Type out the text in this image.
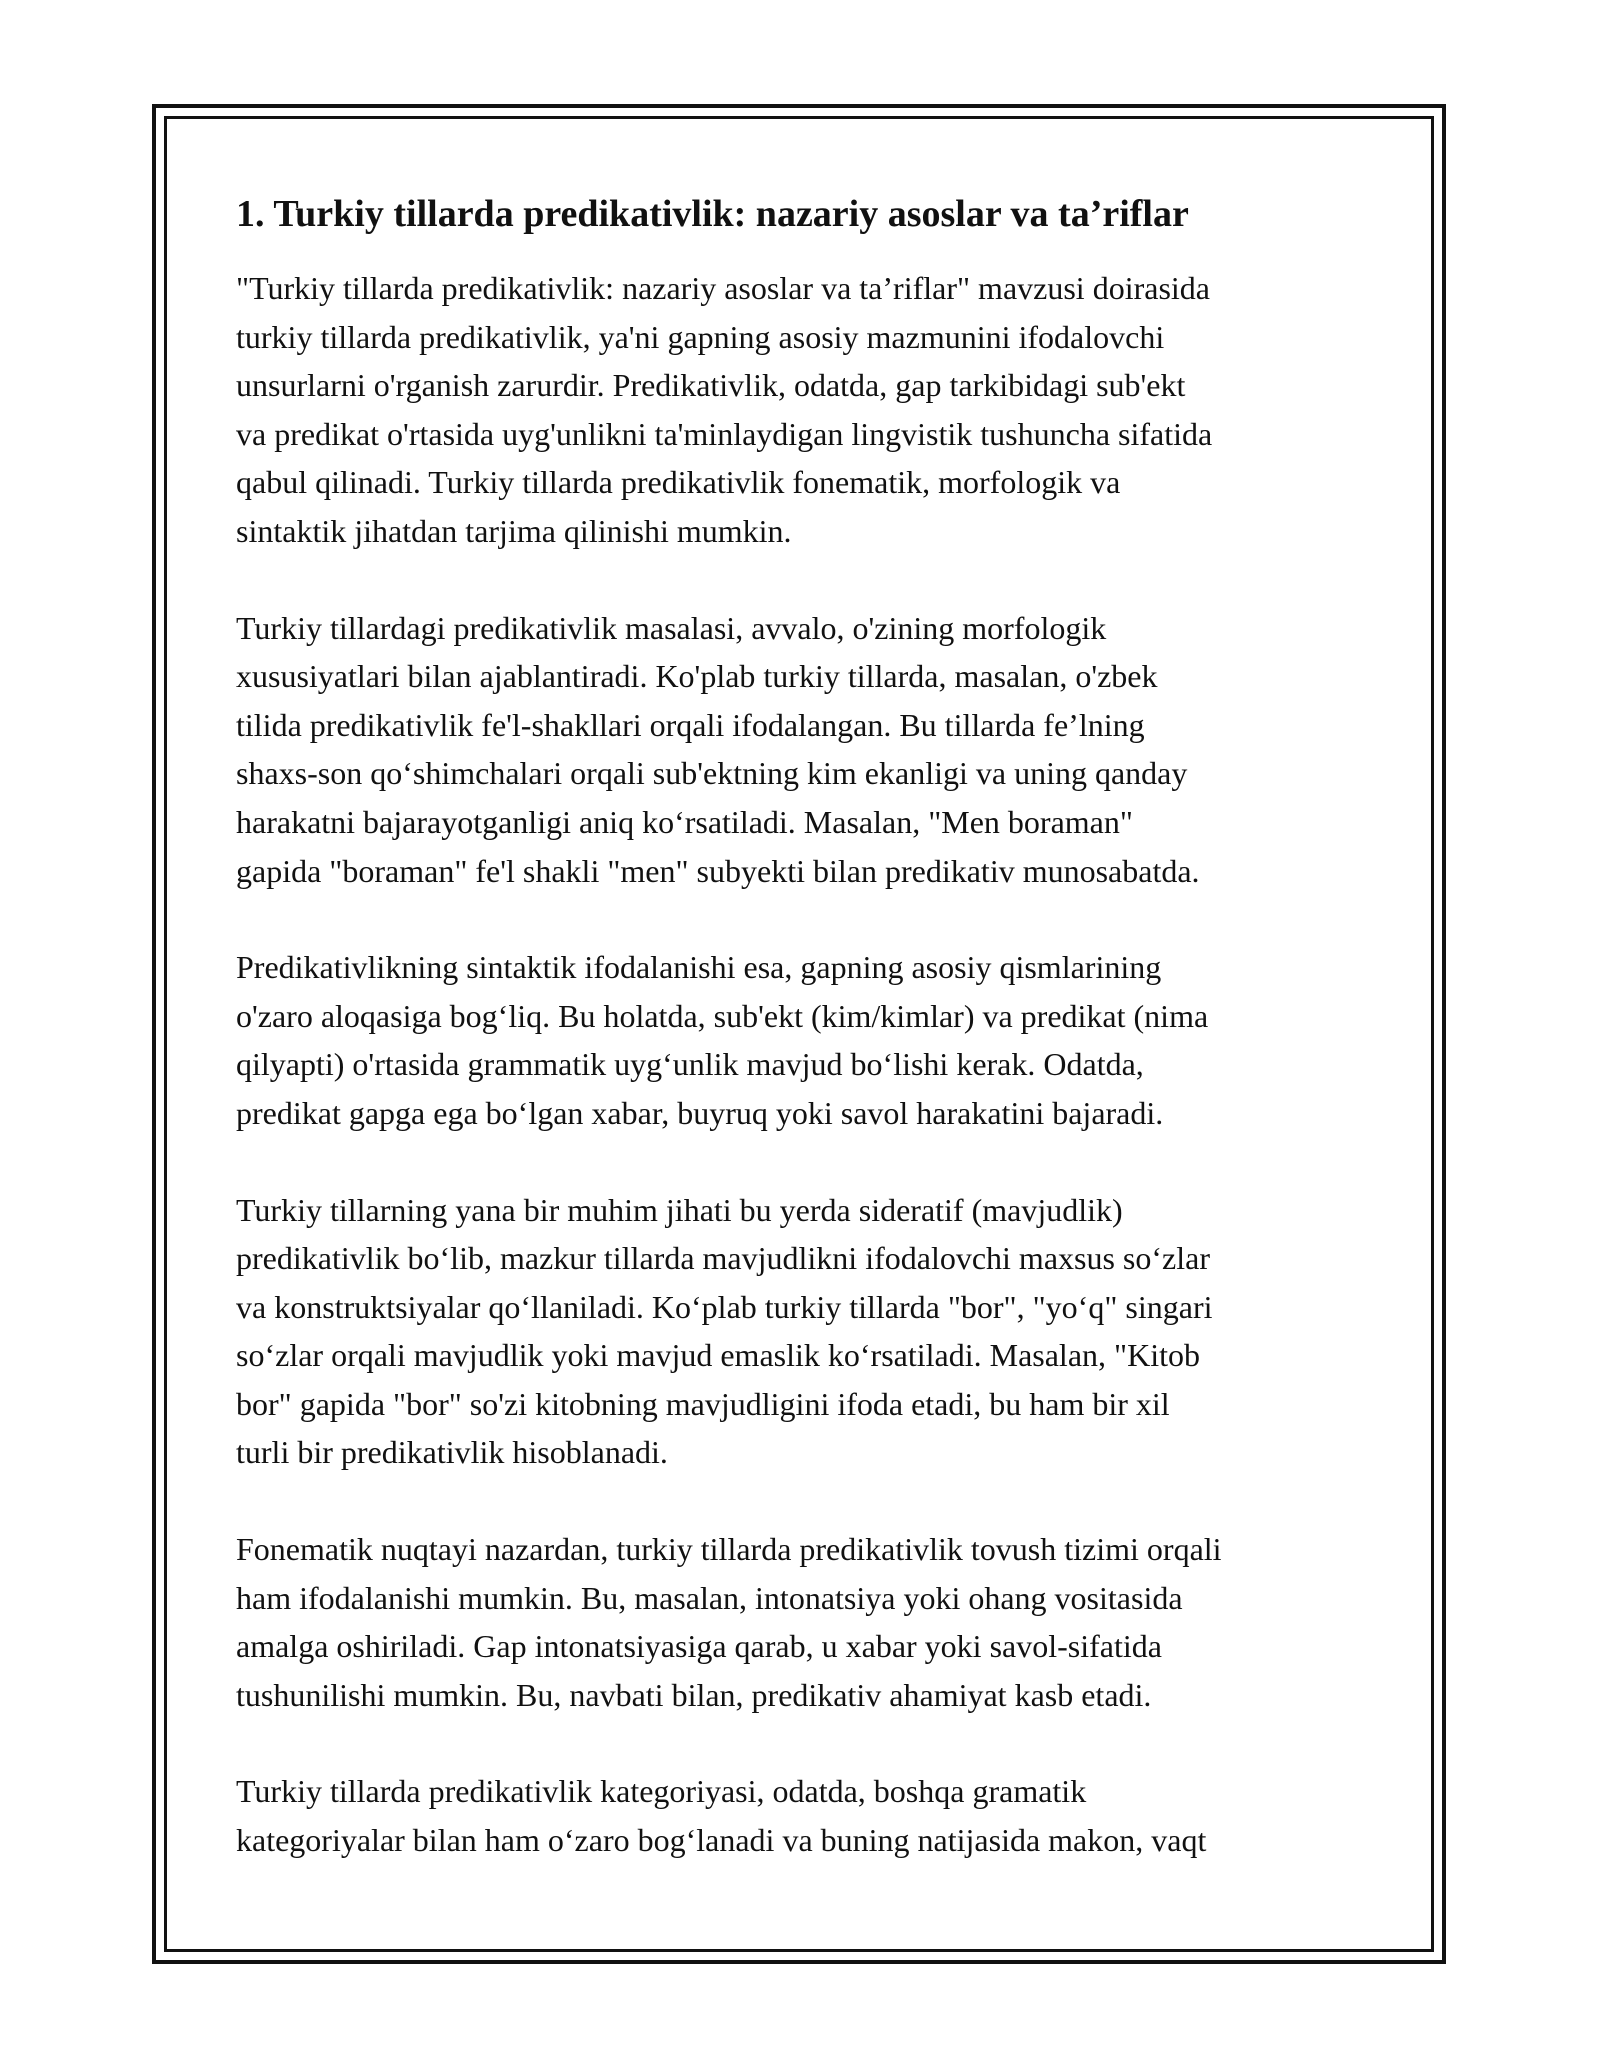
1. Turkiy tillarda predikativlik: nazariy asoslar va ta’riflar

"Turkiy tillarda predikativlik: nazariy asoslar va ta’riflar" mavzusi doirasida
turkiy tillarda predikativlik, ya'ni gapning asosiy mazmunini ifodalovchi
unsurlarni o'rganish zarurdir. Predikativlik, odatda, gap tarkibidagi sub'ekt
va predikat o'rtasida uyg'unlikni ta'minlaydigan lingvistik tushuncha sifatida
qabul qilinadi. Turkiy tillarda predikativlik fonematik, morfologik va
sintaktik jihatdan tarjima qilinishi mumkin.

Turkiy tillardagi predikativlik masalasi, avvalo, o'zining morfologik
xususiyatlari bilan ajablantiradi. Ko'plab turkiy tillarda, masalan, o'zbek
tilida predikativlik fe'l-shakllari orqali ifodalangan. Bu tillarda fe’lning
shaxs-son qo‘shimchalari orqali sub'ektning kim ekanligi va uning qanday
harakatni bajarayotganligi aniq ko‘rsatiladi. Masalan, "Men boraman"
gapida "boraman" fe'l shakli "men" subyekti bilan predikativ munosabatda.

Predikativlikning sintaktik ifodalanishi esa, gapning asosiy qismlarining
o'zaro aloqasiga bog‘liq. Bu holatda, sub'ekt (kim/kimlar) va predikat (nima
qilyapti) o'rtasida grammatik uyg‘unlik mavjud bo‘lishi kerak. Odatda,
predikat gapga ega bo‘lgan xabar, buyruq yoki savol harakatini bajaradi.

Turkiy tillarning yana bir muhim jihati bu yerda sideratif (mavjudlik)
predikativlik bo‘lib, mazkur tillarda mavjudlikni ifodalovchi maxsus so‘zlar
va konstruktsiyalar qo‘llaniladi. Ko‘plab turkiy tillarda "bor", "yo‘q" singari
so‘zlar orqali mavjudlik yoki mavjud emaslik ko‘rsatiladi. Masalan, "Kitob
bor" gapida "bor" so'zi kitobning mavjudligini ifoda etadi, bu ham bir xil
turli bir predikativlik hisoblanadi.

Fonematik nuqtayi nazardan, turkiy tillarda predikativlik tovush tizimi orqali
ham ifodalanishi mumkin. Bu, masalan, intonatsiya yoki ohang vositasida
amalga oshiriladi. Gap intonatsiyasiga qarab, u xabar yoki savol-sifatida
tushunilishi mumkin. Bu, navbati bilan, predikativ ahamiyat kasb etadi.

Turkiy tillarda predikativlik kategoriyasi, odatda, boshqa gramatik
kategoriyalar bilan ham o‘zaro bog‘lanadi va buning natijasida makon, vaqt
